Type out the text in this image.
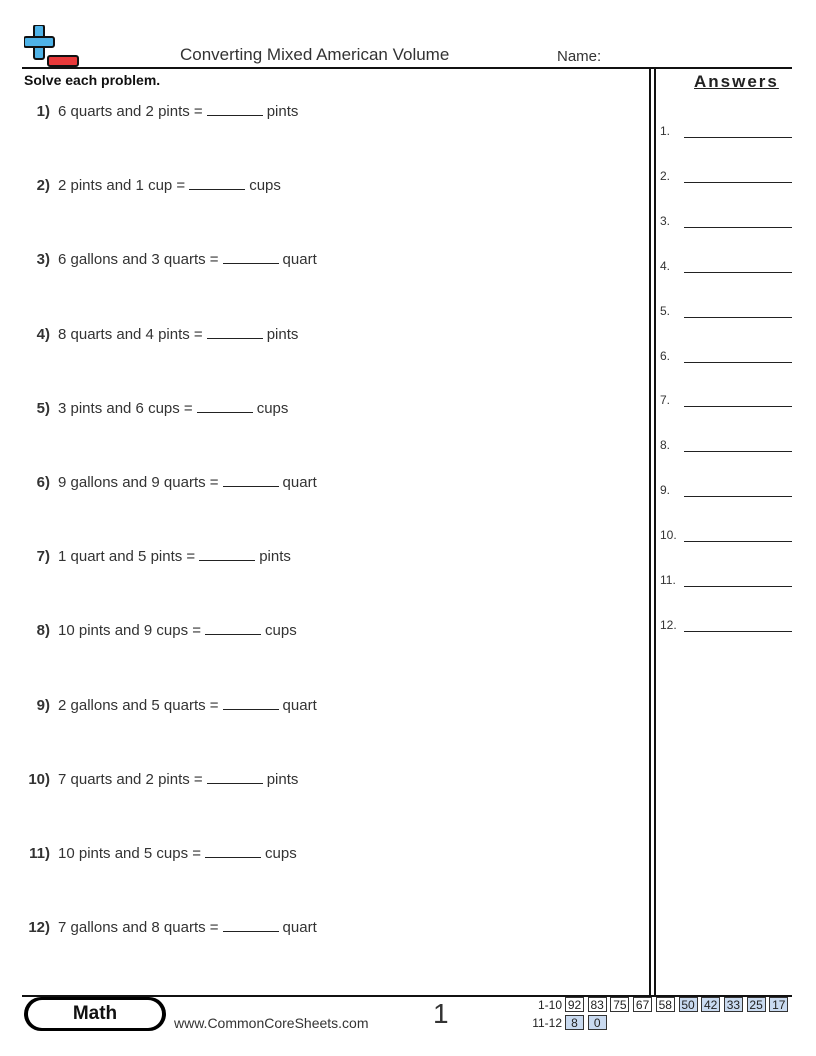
Converting Mixed American Volume	Name:
Solve each problem.
1) 6 quarts and 2 pints =	pints
2) 2 pints and 1 cup =	cups
3) 6 gallons and 3 quarts =	quart
4) 8 quarts and 4 pints =	pints
5) 3 pints and 6 cups =	cups
6) 9 gallons and 9 quarts =	quart
7) 1 quart and 5 pints =	pints
8) 10 pints and 9 cups =	cups
9) 2 gallons and 5 quarts =	quart
10) 7 quarts and 2 pints =	pints
11) 10 pints and 5 cups =	cups
12) 7 gallons and 8 quarts =	quart
Answers
1.
2.
3.
4.
5.
6.
7.
8.
9.
10.
11.
12.
Math	www.CommonCoreSheets.com 1	1-10 92 83 75 67 58 50 42 33 25 17
11-12 8	0
